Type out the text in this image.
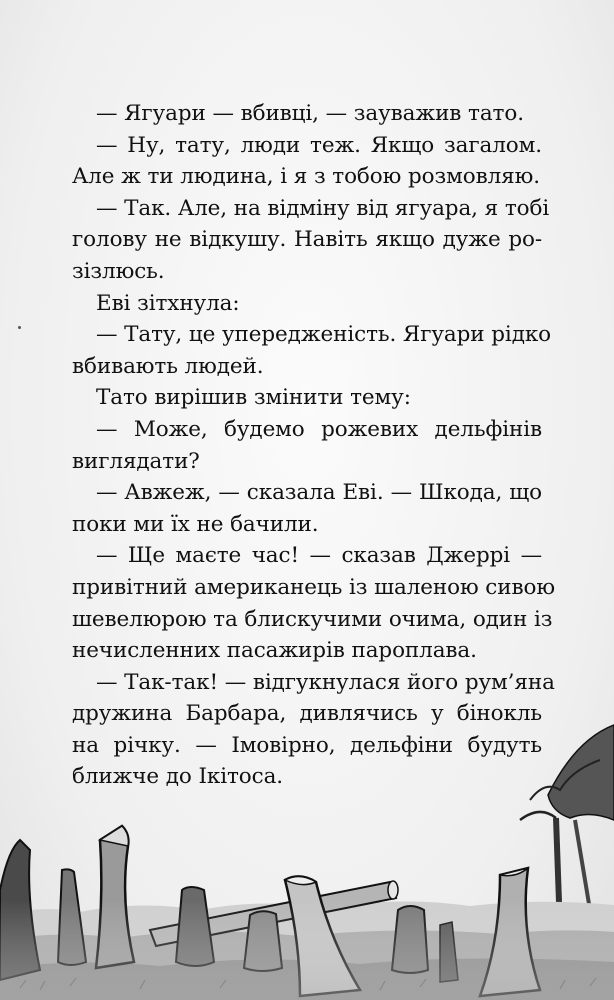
— Ягуари — вбивці, — зауважив тато.
— Ну, тату, люди теж. Якщо загалом.
Але ж ти людина, і я з тобою розмовляю.
— Так. Але, на відміну від ягуара, я тобі
голову не відкушу. Навіть якщо дуже ро-
зізлюсь.
Еві зітхнула:
— Тату, це упередженість. Ягуари рідко
вбивають людей.
Тато вирішив змінити тему:
— Може, будемо рожевих дельфінів
виглядати?
— Авжеж, — сказала Еві. — Шкода, що
поки ми їх не бачили.
— Ще маєте час! — сказав Джеррі —
привітний американець із шаленою сивою
шевелюрою та блискучими очима, один із
нечисленних пасажирів пароплава.
— Так-так! — відгукнулася його рум’яна
дружина Барбара, дивлячись у бінокль
на річку. — Імовірно, дельфіни будуть
ближче до Ікітоса.
